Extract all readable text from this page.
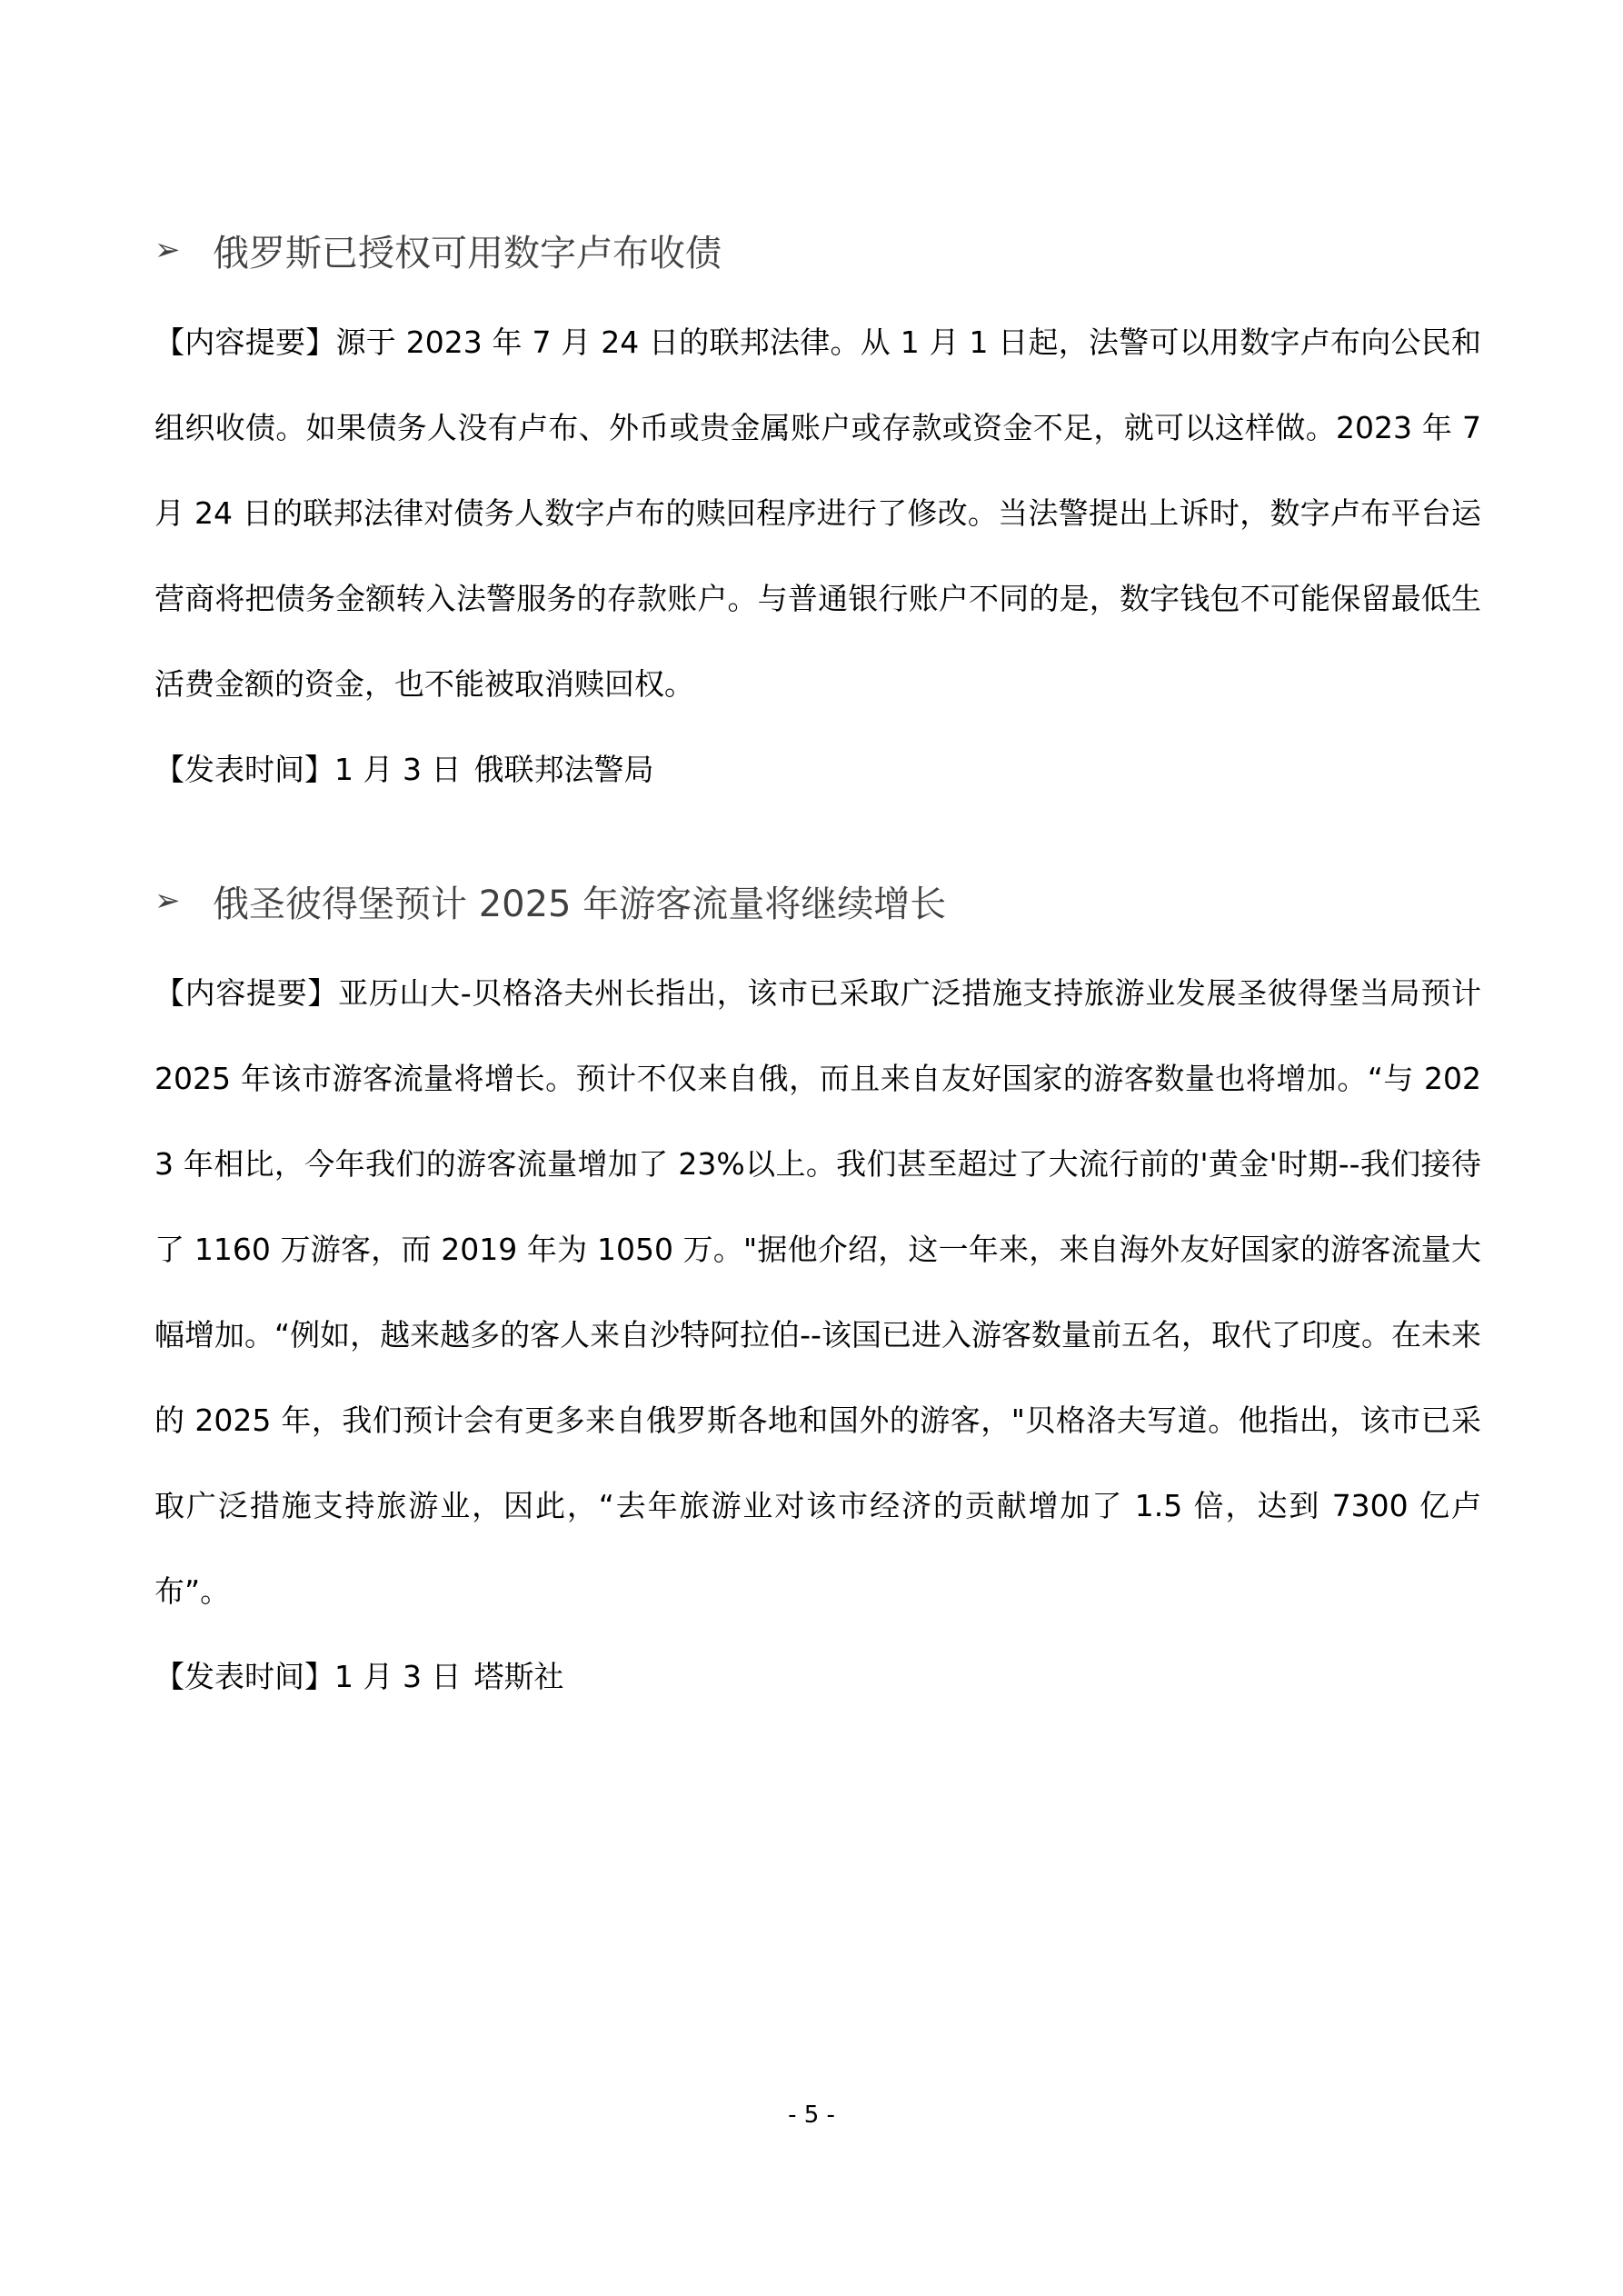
➢ 俄罗斯已授权可用数字卢布收债

【内容提要】源于 2023 年 7 月 24 日的联邦法律。从 1 月 1 日起，法警可以用数字卢布向公民和组织收债。如果债务人没有卢布、外币或贵金属账户或存款或资金不足，就可以这样做。2023 年 7 月 24 日的联邦法律对债务人数字卢布的赎回程序进行了修改。当法警提出上诉时，数字卢布平台运营商将把债务金额转入法警服务的存款账户。与普通银行账户不同的是，数字钱包不可能保留最低生活费金额的资金，也不能被取消赎回权。

【发表时间】1 月 3 日 俄联邦法警局

➢ 俄圣彼得堡预计 2025 年游客流量将继续增长

【内容提要】亚历山大-贝格洛夫州长指出，该市已采取广泛措施支持旅游业发展圣彼得堡当局预计 2025 年该市游客流量将增长。预计不仅来自俄，而且来自友好国家的游客数量也将增加。“与 2023 年相比，今年我们的游客流量增加了 23%以上。我们甚至超过了大流行前的'黄金'时期--我们接待了 1160 万游客，而 2019 年为 1050 万。"据他介绍，这一年来，来自海外友好国家的游客流量大幅增加。“例如，越来越多的客人来自沙特阿拉伯--该国已进入游客数量前五名，取代了印度。在未来的 2025 年，我们预计会有更多来自俄罗斯各地和国外的游客，"贝格洛夫写道。他指出，该市已采取广泛措施支持旅游业，因此，“去年旅游业对该市经济的贡献增加了 1.5 倍，达到 7300 亿卢布”。

【发表时间】1 月 3 日 塔斯社

- 5 -
